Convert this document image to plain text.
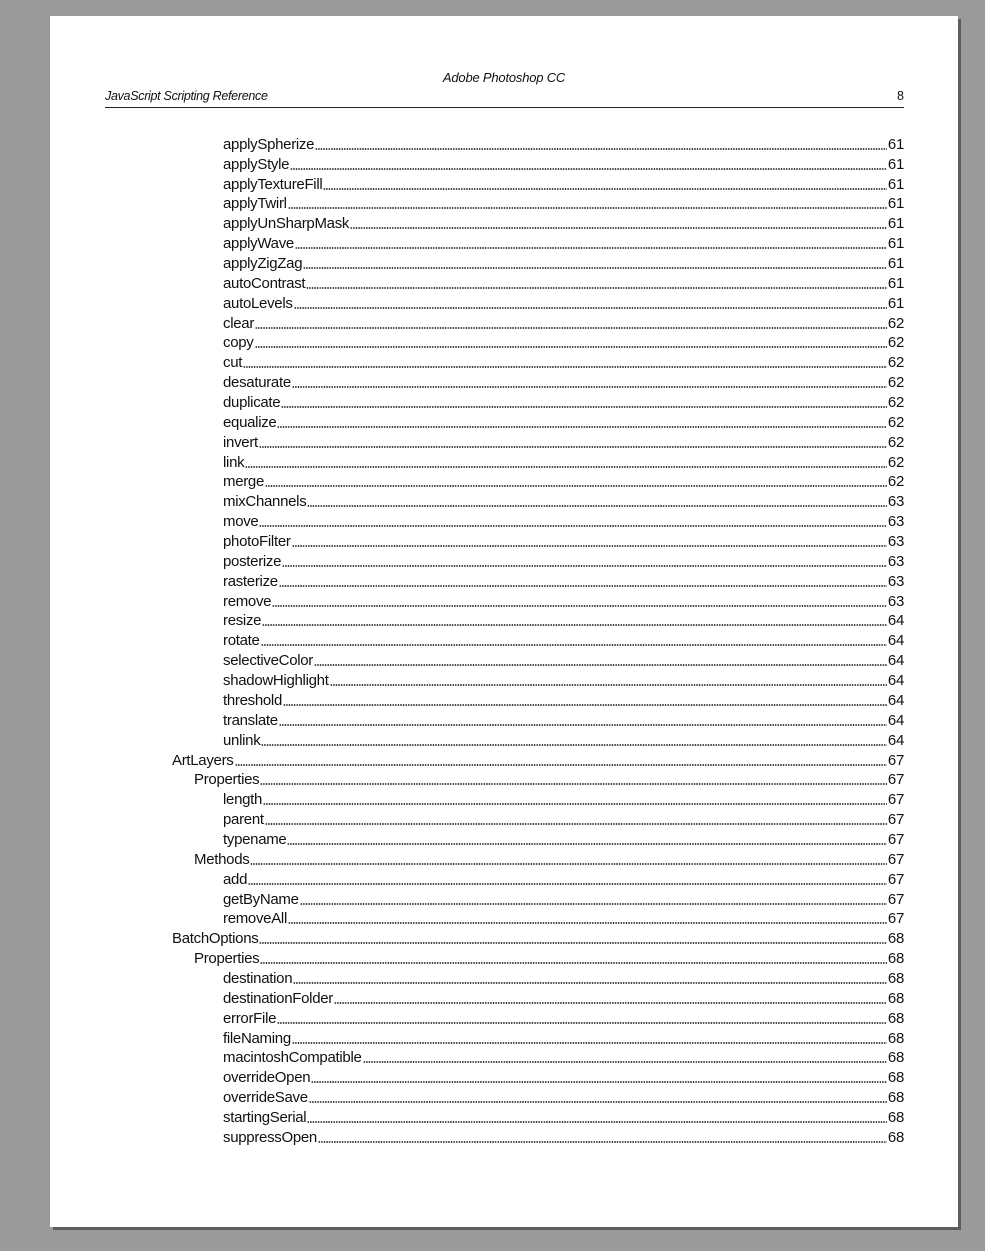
Adobe Photoshop CC
JavaScript Scripting Reference	8
applySpherize	61
applyStyle	61
applyTextureFill	61
applyTwirl	61
applyUnSharpMask	61
applyWave	61
applyZigZag	61
autoContrast	61
autoLevels	61
clear	62
copy	62
cut	62
desaturate	62
duplicate	62
equalize	62
invert	62
link	62
merge	62
mixChannels	63
move	63
photoFilter	63
posterize	63
rasterize	63
remove	63
resize	64
rotate	64
selectiveColor	64
shadowHighlight	64
threshold	64
translate	64
unlink	64
ArtLayers	67
Properties	67
length	67
parent	67
typename	67
Methods	67
add	67
getByName	67
removeAll	67
BatchOptions	68
Properties	68
destination	68
destinationFolder	68
errorFile	68
fileNaming	68
macintoshCompatible	68
overrideOpen	68
overrideSave	68
startingSerial	68
suppressOpen	68
